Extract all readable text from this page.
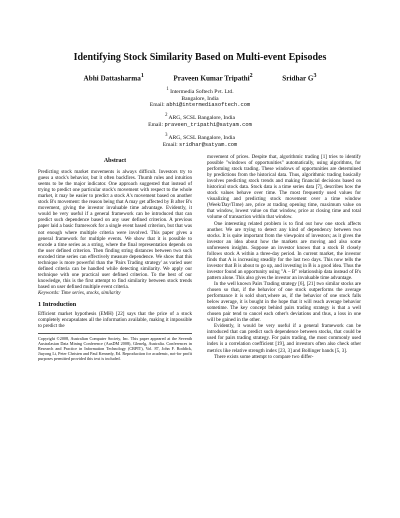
Identifying Stock Similarity Based on Multi-event Episodes
Abhi Dattasharma$^1$	Praveen Kumar Tripathi$^2$	Sridhar $G^3$
$^1$ Intermedia Softech Pvt. Ltd.
Bangalore, India
Email: abhi@intermediasoftech.com
$^2$ ARG, SCSL Bangalore, India
Email: praveen_tripathi@satyam.com
$^3$ ARG, SCSL Bangalore, India
Email: sridhar@satyam.com
Abstract

Predicting stock market movements is always difficult. Investors try to guess a stock's behavior, but it often backfires. Thumb rules and intuition seems to be the major indicator. One approach suggested that instead of trying to predict one particular stock's movement with respect to the whole market, it may be easier to predict a stock A's movement based on another stock B's movement: the reason being that A may get affected by B after B's movement, giving the investor invaluable time advantage. Evidently, it would be very useful if a general framework can be introduced that can predict such dependence based on any user defined criterion. A previous paper laid a basic framework for a single event based criterion, but that was not enough where multiple criteria were involved. This paper gives a general framework for multiple events. We show that it is possible to encode a time series as a string, where the final representation depends on the user defined criterion. Then finding string distances between two such encoded time series can effectively measure dependence. We show that this technique is more powerful than the 'Pairs Trading strategy' as varied user defined criteria can be handled while detecting similarity. We apply our technique with one practical user defined criterion. To the best of our knowledge, this is the first attempt to find similarity between stock trends based on user defined multiple event criteria.

Keywords: Time series, stocks, similarity

1 Introduction

Efficient market hypothesis (EMH) [22] says that the price of a stock completely encapsulates all the information available, making it impossible to predict the

Copyright ©2008, Australian Computer Society, Inc. This paper appeared at the Seventh Australasian Data Mining Conference (AusDM 2008), Glenelg, Australia. Conferences in Research and Practice in Information Technology (CRPIT), Vol. 87, John F. Roddick, Jiuyong Li, Peter Christen and Paul Kennedy, Ed. Reproduction for academic, not-for profit purposes permitted provided this text is included.

movement of prices. Despite that, algorithmic trading [1] tries to identify possible "windows of opportunities" automatically, using algorithms, for performing stock trading. These windows of opportunities are determined by predictions from the historical data. Thus, algorithmic trading basically involves predicting stock trends and making financial decisions based on historical stock data. Stock data is a time series data [7], describes how the stock values behave over time. The most frequently used values for visualizing and predicting stock movement over a time window (Week/Day/Time) are, price at trading opening time, maximum value on that window, lowest value on that window, price at closing time and total volume of transaction within that window.

One interesting related problem is to find out how one stock affects another. We are trying to detect any kind of dependency between two stocks. It is quite important from the viewpoint of investors; as it gives the investor an idea about how the markets are moving and also some unforeseen insights. Suppose an investor knows that a stock B closely follows stock A within a three-day period. In current market, the investor finds that A is increasing steadily for the last two days. This now tells the investor that B is about to go up, and investing in B is a good idea. Thus the investor found an opportunity using "A − B" relationship data instead of B's pattern alone. This also gives the investor an invaluable time advantage.

In the well known Pairs Trading strategy [6], [21] two similar stocks are chosen so that, if the behavior of one stock outperforms the average performance it is sold short,where as, if the behavior of one stock falls below average, it is bought in the hope that it will reach average behavior sometime. The key concept behind pairs trading strategy is that a well chosen pair tend to cancel each other's deviations and thus, a loss in one will be gained in the other.

Evidently, it would be very useful if a general framework can be introduced that can predict such dependence between stocks, that could be used for pairs trading strategy. For pairs trading, the most commonly used index is a correlation coefficient [19], and investors often also check other metrics like relative strength index [23, 3] and Bollinger bands [5, 3].

There exists some attempt to compare two differ-
